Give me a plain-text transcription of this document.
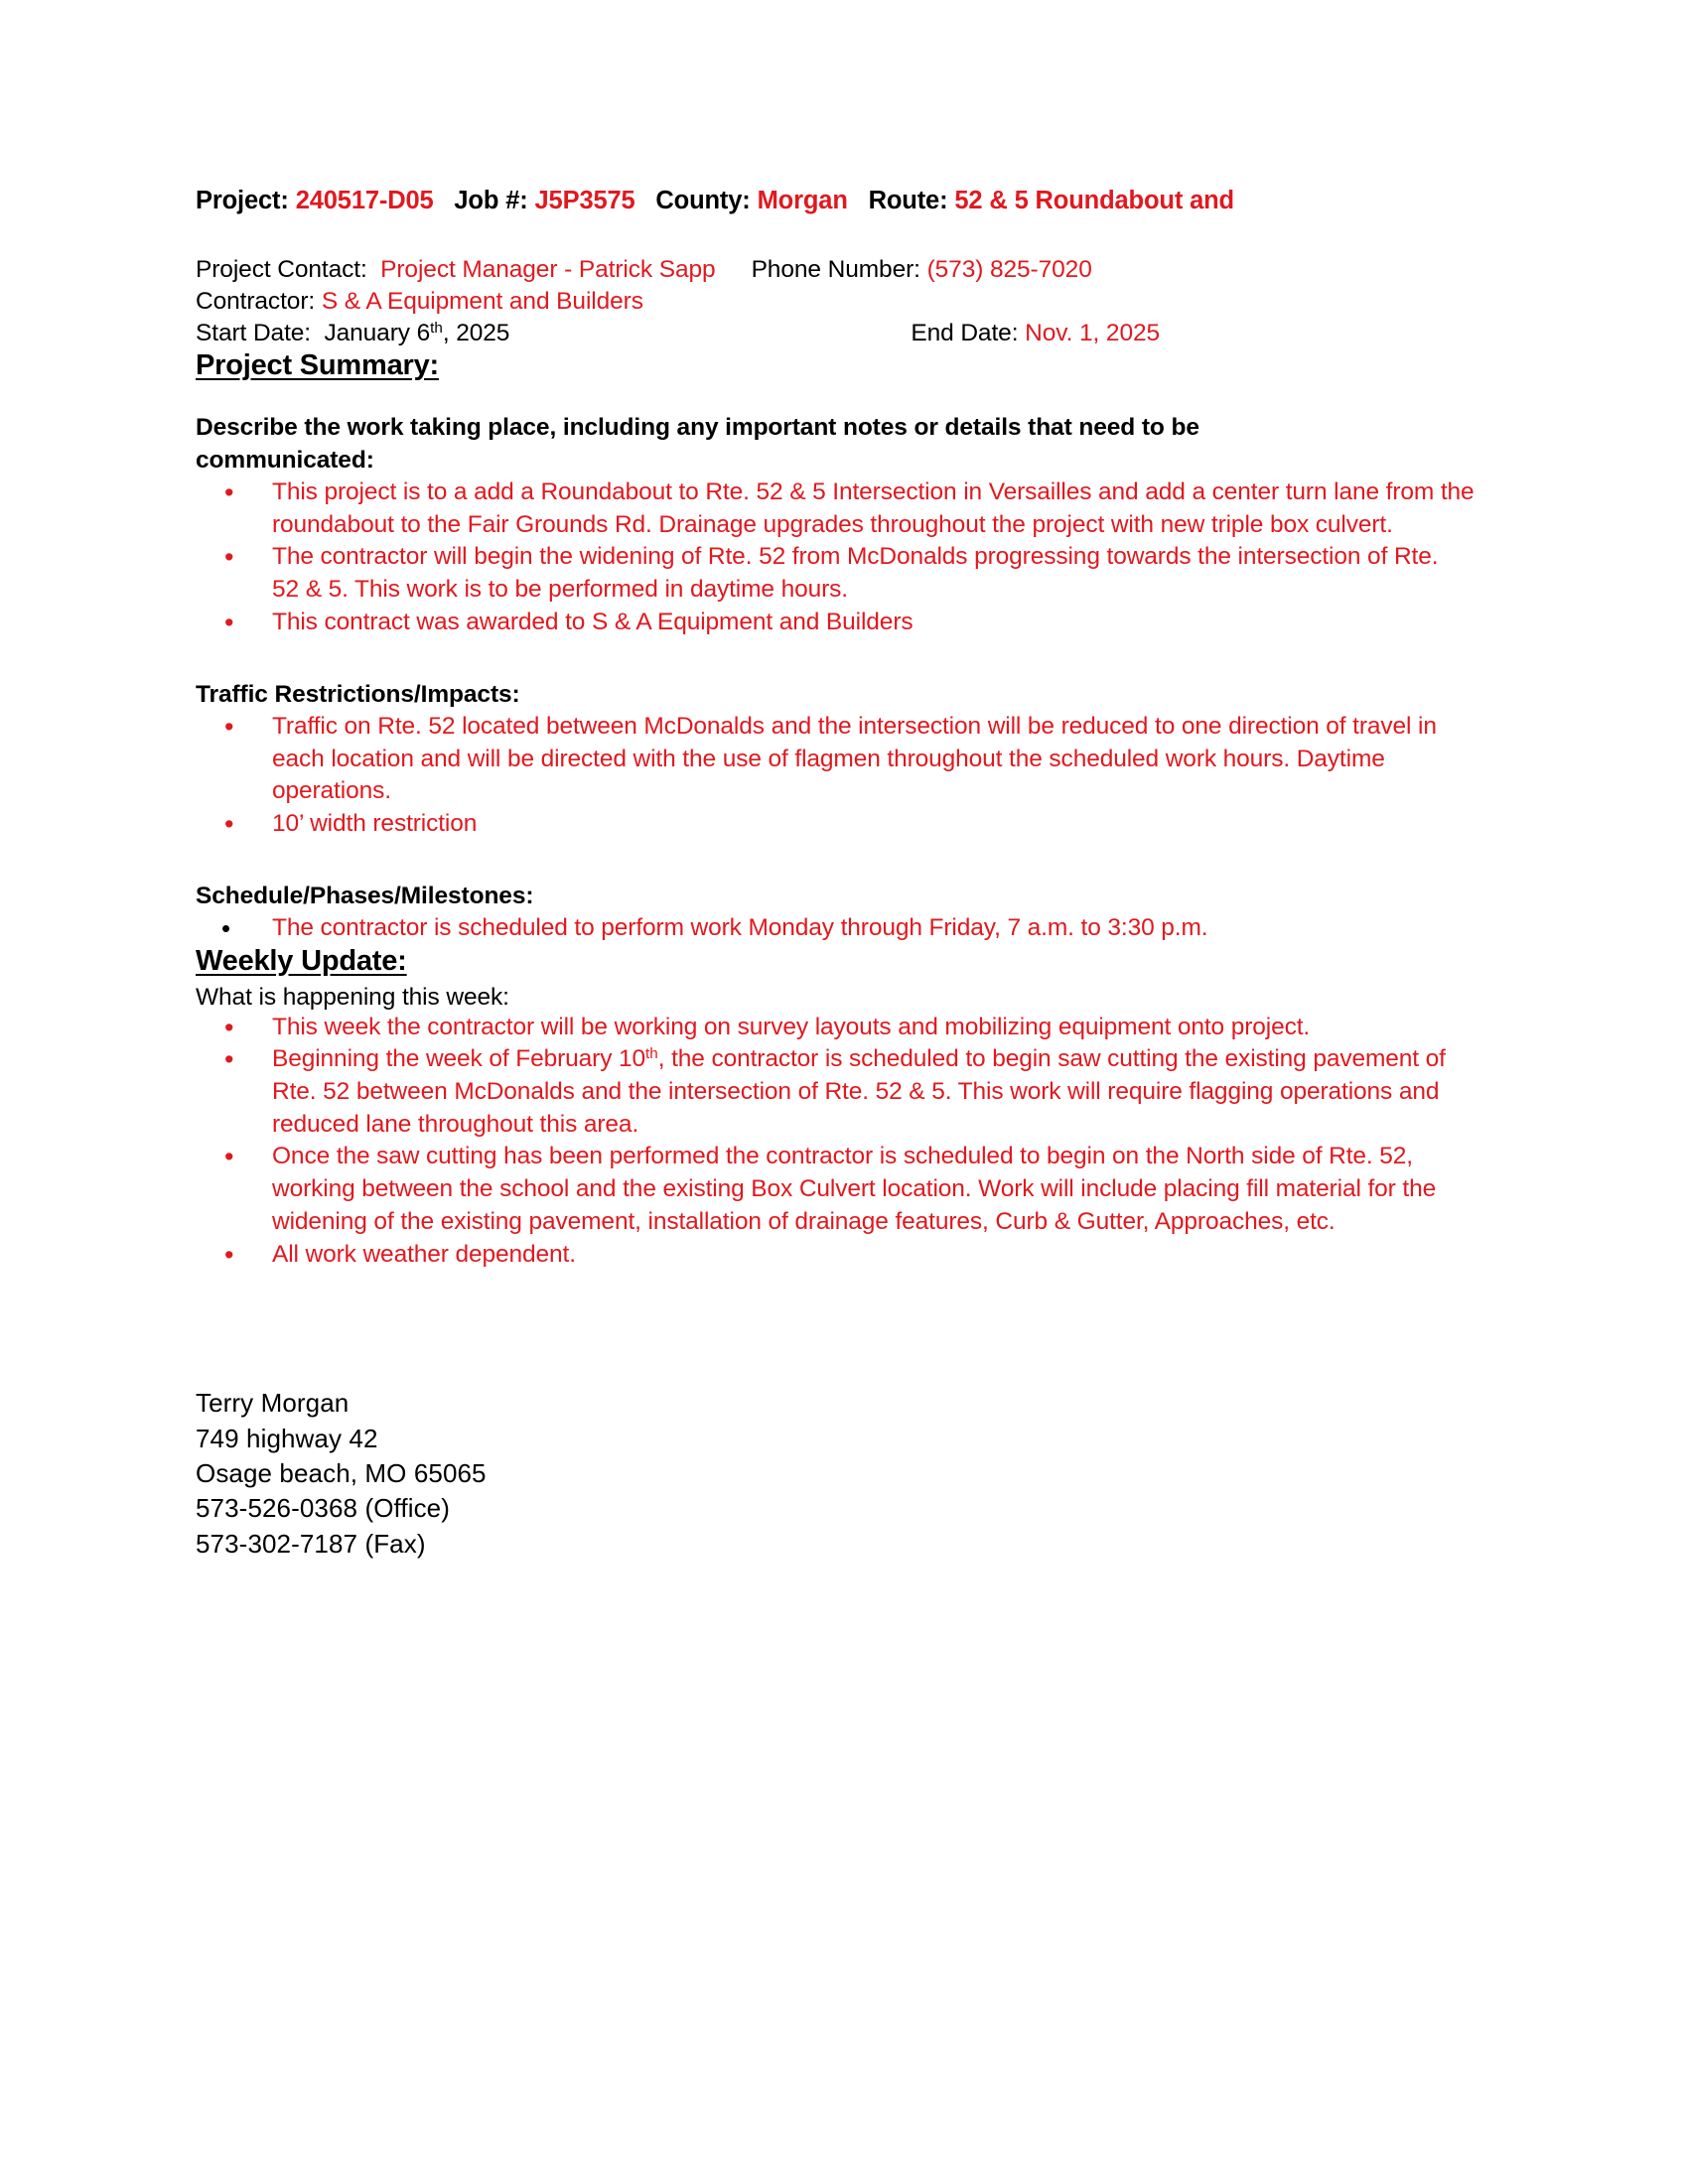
Project: 240517-D05 Job #: J5P3575 County: Morgan Route: 52 & 5 Roundabout and
Project Contact: Project Manager - Patrick Sapp Phone Number: (573) 825-7020
Contractor: S & A Equipment and Builders
Start Date: January 6th, 2025	End Date: Nov. 1, 2025
Project Summary:
Describe the work taking place, including any important notes or details that need to be communicated:
• This project is to a add a Roundabout to Rte. 52 & 5 Intersection in Versailles and add a center turn lane from the roundabout to the Fair Grounds Rd. Drainage upgrades throughout the project with new triple box culvert.
• The contractor will begin the widening of Rte. 52 from McDonalds progressing towards the intersection of Rte. 52 & 5. This work is to be performed in daytime hours.
• This contract was awarded to S & A Equipment and Builders
Traffic Restrictions/Impacts:
• Traffic on Rte. 52 located between McDonalds and the intersection will be reduced to one direction of travel in each location and will be directed with the use of flagmen throughout the scheduled work hours. Daytime operations.
• 10’ width restriction
Schedule/Phases/Milestones:
• The contractor is scheduled to perform work Monday through Friday, 7 a.m. to 3:30 p.m.
Weekly Update:
What is happening this week:
• This week the contractor will be working on survey layouts and mobilizing equipment onto project.
• Beginning the week of February 10th, the contractor is scheduled to begin saw cutting the existing pavement of Rte. 52 between McDonalds and the intersection of Rte. 52 & 5. This work will require flagging operations and reduced lane throughout this area.
• Once the saw cutting has been performed the contractor is scheduled to begin on the North side of Rte. 52, working between the school and the existing Box Culvert location. Work will include placing fill material for the widening of the existing pavement, installation of drainage features, Curb & Gutter, Approaches, etc.
• All work weather dependent.
Terry Morgan
749 highway 42
Osage beach, MO 65065
573-526-0368 (Office)
573-302-7187 (Fax)
